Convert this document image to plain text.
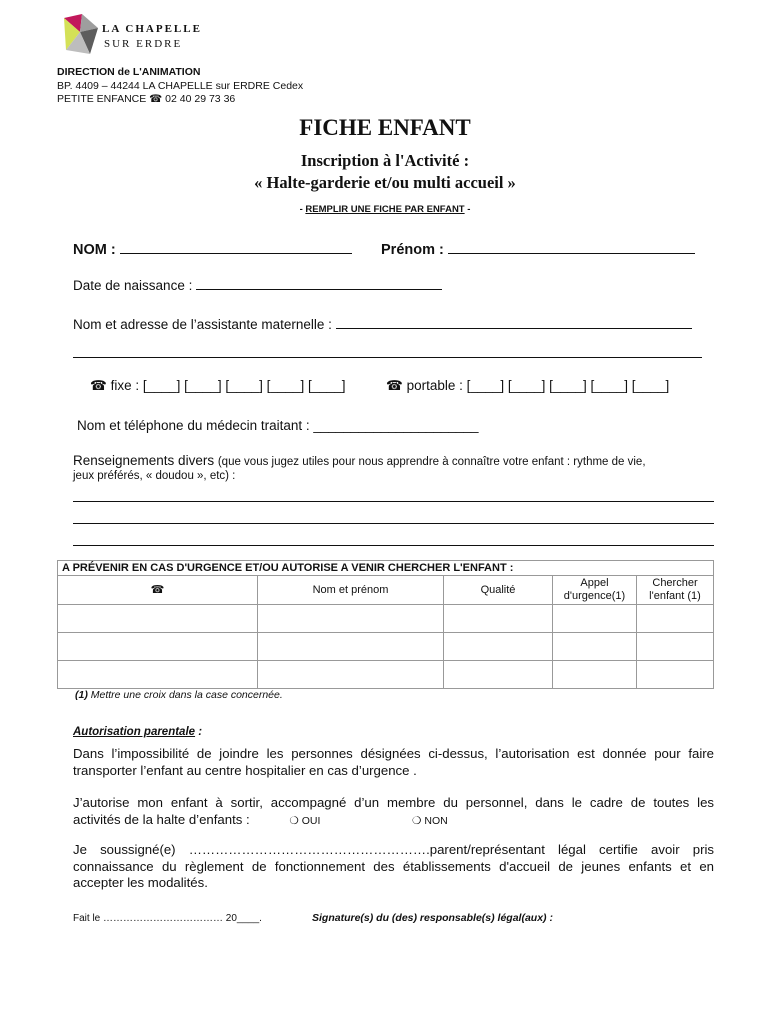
LA CHAPELLE
SUR ERDRE
DIRECTION de L'ANIMATION
BP. 4409 – 44244 LA CHAPELLE sur ERDRE Cedex
PETITE ENFANCE ☎ 02 40 29 73 36
FICHE ENFANT
Inscription à l'Activité :
« Halte-garderie et/ou multi accueil »
- REMPLIR UNE FICHE PAR ENFANT -
NOM :	Prénom :
Date de naissance :
Nom et adresse de l’assistante maternelle :
☎ fixe : [____] [____] [____] [____] [____]	☎ portable : [____] [____] [____] [____] [____]
Nom et téléphone du médecin traitant : ______________________
Renseignements divers (que vous jugez utiles pour nous apprendre à connaître votre enfant : rythme de vie,
jeux préférés, « doudou », etc) :
A PRÉVENIR EN CAS D'URGENCE ET/OU AUTORISE A VENIR CHERCHER L'ENFANT :				
☎	Nom et prénom	Qualité	Appel
d'urgence(1)	Chercher
l'enfant (1)

(1) Mettre une croix dans la case concernée.
Autorisation parentale :
Dans l’impossibilité de joindre les personnes désignées ci-dessus, l’autorisation est donnée pour faire
transporter l’enfant au centre hospitalier en cas d’urgence .
J’autorise mon enfant à sortir, accompagné d’un membre du personnel, dans le cadre de toutes les
activités de la halte d’enfants :	❍ OUI	❍ NON
Je soussigné(e) ……………………………………………….parent/représentant légal certifie avoir pris
connaissance du règlement de fonctionnement des établissements d'accueil de jeunes enfants et en
accepter les modalités.
Fait le ……………………………… 20____.	Signature(s) du (des) responsable(s) légal(aux) :
